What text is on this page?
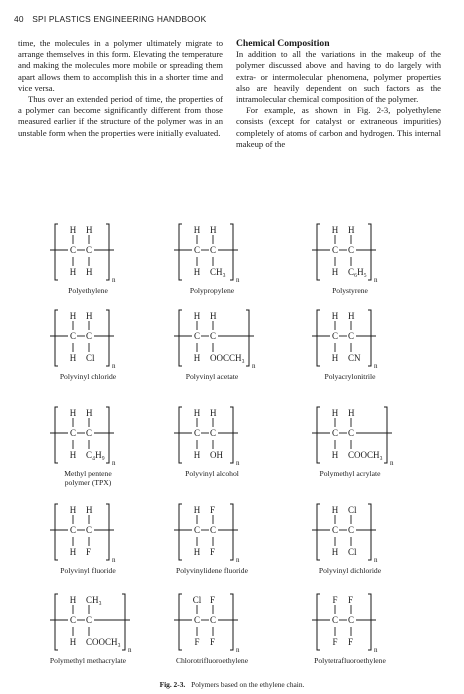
40 SPI PLASTICS ENGINEERING HANDBOOK

time, the molecules in a polymer ultimately migrate to arrange themselves in this form. Elevating the temperature and making the molecules more mobile or spreading them apart allows them to accomplish this in a shorter time and vice versa.

Thus over an extended period of time, the properties of a polymer can become significantly different from those measured earlier if the structure of the polymer was in an unstable form when the properties were initially evaluated.

Chemical Composition

In addition to all the variations in the makeup of the polymer discussed above and having to do largely with extra- or intermolecular phenomena, polymer properties also are heavily dependent on such factors as the intramolecular chemical composition of the polymer.

For example, as shown in Fig. 2-3, polyethylene consists (except for catalyst or extraneous impurities) completely of atoms of carbon and hydrogen. This internal makeup of the

C C
H H
H H
n
Polyethylene
C C
H H
H CH₃
n
Polypropylene
C C
H H
H C₆H₅
n
Polystyrene
C C
H H
H Cl
n
Polyvinyl chloride
C C
H H
H OOCCH₃
n
Polyvinyl acetate
C C
H H
H CN
n
Polyacrylonitrile
C C
H H
H C₄H₉
n
Methyl pentene
polymer (TPX)
C C
H H
H OH
n
Polyvinyl alcohol
C C
H H
H COOCH₃
n
Polymethyl acrylate
C C
H H
H F
n
Polyvinyl fluoride
C C
H F
H F
n
Polyvinylidene fluoride
C C
H Cl
H Cl
n
Polyvinyl dichloride
C C
H CH₃
H COOCH₃
n
Polymethyl methacrylate
C C
Cl F
F F
n
Chlorotrifluoroethylene
C C
F F
F F
n
Polytetrafluoroethylene
Fig. 2-3. Polymers based on the ethylene chain.
